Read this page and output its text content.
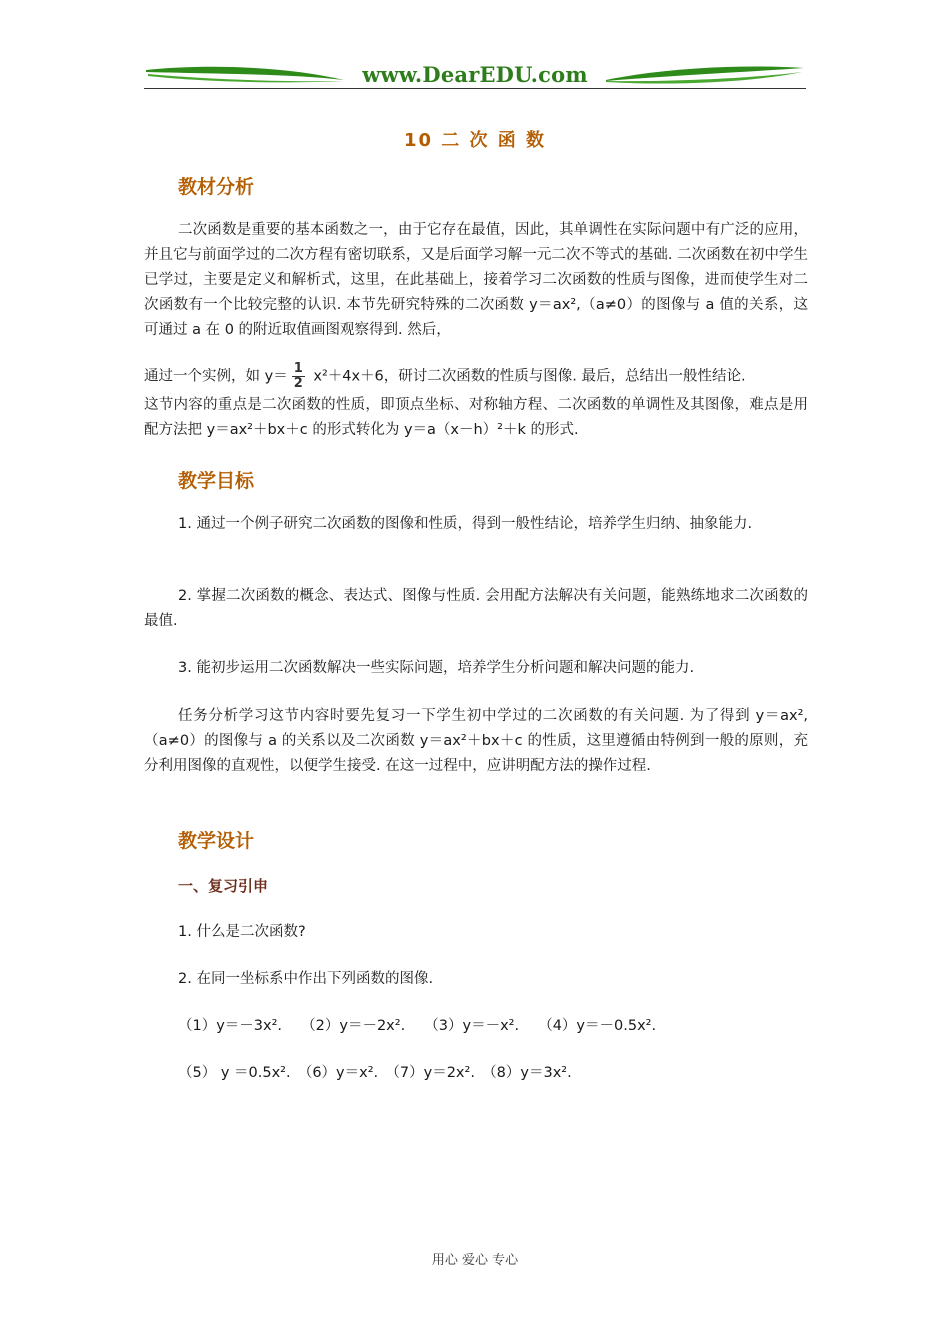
www.DearEDU.com
10 二 次 函 数
教材分析
二次函数是重要的基本函数之一，由于它存在最值，因此，其单调性在实际问题中有广泛的应用，并且它与前面学过的二次方程有密切联系，又是后面学习解一元二次不等式的基础. 二次函数在初中学生已学过，主要是定义和解析式，这里，在此基础上，接着学习二次函数的性质与图像，进而使学生对二次函数有一个比较完整的认识. 本节先研究特殊的二次函数 y＝ax²,（a≠0）的图像与 a 值的关系，这可通过 a 在 0 的附近取值画图观察得到. 然后，
通过一个实例，如 $y= \frac{1}{2} x^2+4x+6$，研讨二次函数的性质与图像. 最后，总结出一般性结论.
这节内容的重点是二次函数的性质，即顶点坐标、对称轴方程、二次函数的单调性及其图像，难点是用配方法把 y＝ax²＋bx＋c 的形式转化为 y＝a（x－h）²＋k 的形式.
教学目标
1. 通过一个例子研究二次函数的图像和性质，得到一般性结论，培养学生归纳、抽象能力.
2. 掌握二次函数的概念、表达式、图像与性质. 会用配方法解决有关问题，能熟练地求二次函数的最值.
3. 能初步运用二次函数解决一些实际问题，培养学生分析问题和解决问题的能力.
任务分析学习这节内容时要先复习一下学生初中学过的二次函数的有关问题. 为了得到 y＝ax²,（a≠0）的图像与 a 的关系以及二次函数 y＝ax²＋bx＋c 的性质，这里遵循由特例到一般的原则，充分利用图像的直观性，以便学生接受. 在这一过程中，应讲明配方法的操作过程.
教学设计
一、复习引申
1. 什么是二次函数?
2. 在同一坐标系中作出下列函数的图像.
（1）y＝－3x².　 （2）y＝－2x².　 （3）y＝－x².　 （4）y＝－0.5x².
（5） y ＝0.5x².　（6）y＝x².　（7）y＝2x².　（8）y＝3x².
用心 爱心 专心
